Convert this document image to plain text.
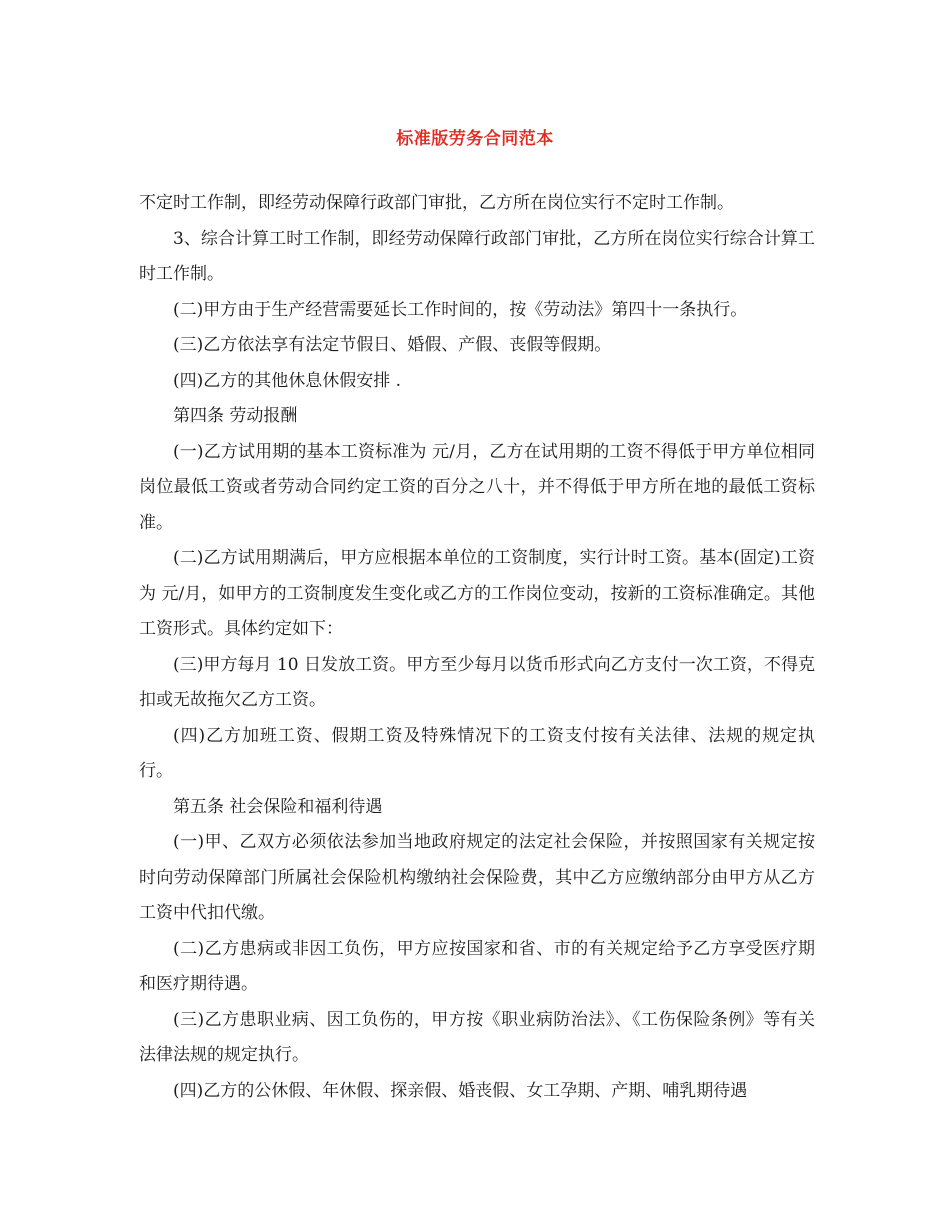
标准版劳务合同范本

不定时工作制，即经劳动保障行政部门审批，乙方所在岗位实行不定时工作制。

3、综合计算工时工作制，即经劳动保障行政部门审批，乙方所在岗位实行综合计算工时工作制。

(二)甲方由于生产经营需要延长工作时间的，按《劳动法》第四十一条执行。

(三)乙方依法享有法定节假日、婚假、产假、丧假等假期。

(四)乙方的其他休息休假安排 .

第四条 劳动报酬

(一)乙方试用期的基本工资标准为 元/月，乙方在试用期的工资不得低于甲方单位相同岗位最低工资或者劳动合同约定工资的百分之八十，并不得低于甲方所在地的最低工资标准。

(二)乙方试用期满后，甲方应根据本单位的工资制度，实行计时工资。基本(固定)工资为 元/月，如甲方的工资制度发生变化或乙方的工作岗位变动，按新的工资标准确定。其他工资形式。具体约定如下：

(三)甲方每月 10 日发放工资。甲方至少每月以货币形式向乙方支付一次工资，不得克扣或无故拖欠乙方工资。

(四)乙方加班工资、假期工资及特殊情况下的工资支付按有关法律、法规的规定执行。

第五条 社会保险和福利待遇

(一)甲、乙双方必须依法参加当地政府规定的法定社会保险，并按照国家有关规定按时向劳动保障部门所属社会保险机构缴纳社会保险费，其中乙方应缴纳部分由甲方从乙方工资中代扣代缴。

(二)乙方患病或非因工负伤，甲方应按国家和省、市的有关规定给予乙方享受医疗期和医疗期待遇。

(三)乙方患职业病、因工负伤的，甲方按《职业病防治法》、《工伤保险条例》等有关法律法规的规定执行。

(四)乙方的公休假、年休假、探亲假、婚丧假、女工孕期、产期、哺乳期待遇
